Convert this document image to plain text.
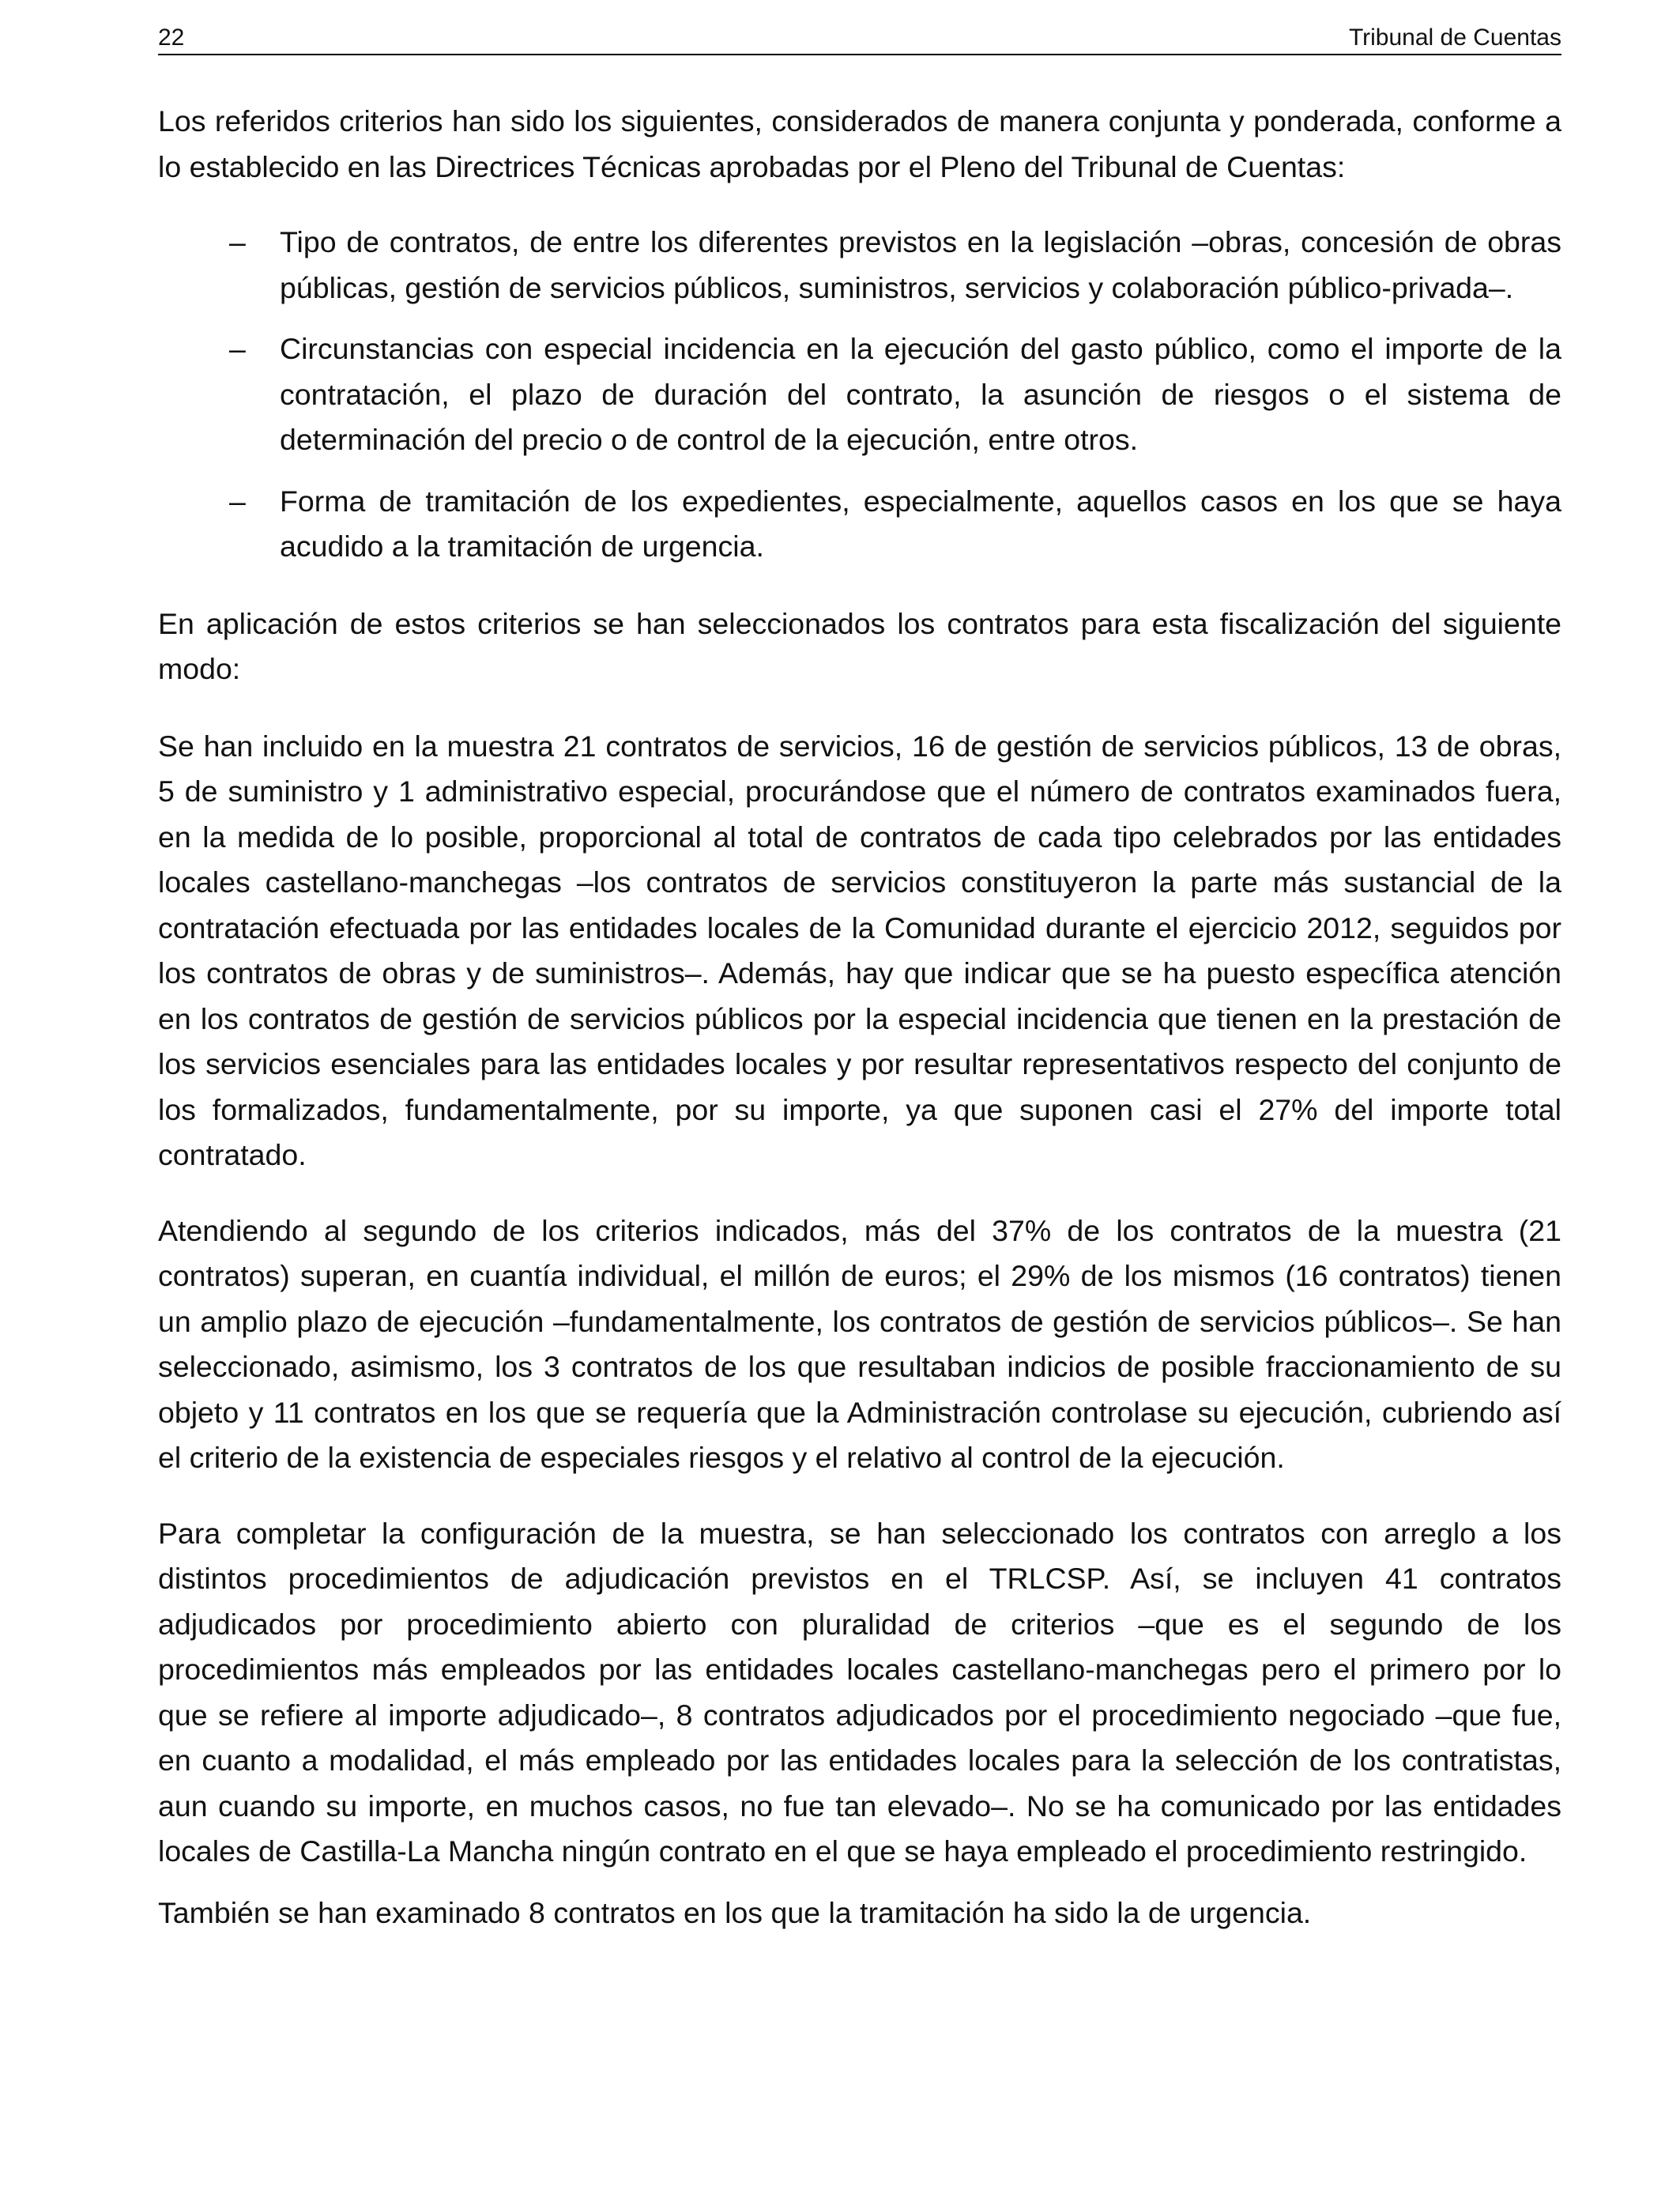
22	Tribunal de Cuentas

Los referidos criterios han sido los siguientes, considerados de manera conjunta y ponderada, conforme a lo establecido en las Directrices Técnicas aprobadas por el Pleno del Tribunal de Cuentas:

– Tipo de contratos, de entre los diferentes previstos en la legislación –obras, concesión de obras públicas, gestión de servicios públicos, suministros, servicios y colaboración público-privada–.
– Circunstancias con especial incidencia en la ejecución del gasto público, como el importe de la contratación, el plazo de duración del contrato, la asunción de riesgos o el sistema de determinación del precio o de control de la ejecución, entre otros.
– Forma de tramitación de los expedientes, especialmente, aquellos casos en los que se haya acudido a la tramitación de urgencia.

En aplicación de estos criterios se han seleccionados los contratos para esta fiscalización del siguiente modo:

Se han incluido en la muestra 21 contratos de servicios, 16 de gestión de servicios públicos, 13 de obras, 5 de suministro y 1 administrativo especial, procurándose que el número de contratos examinados fuera, en la medida de lo posible, proporcional al total de contratos de cada tipo celebrados por las entidades locales castellano-manchegas –los contratos de servicios constituyeron la parte más sustancial de la contratación efectuada por las entidades locales de la Comunidad durante el ejercicio 2012, seguidos por los contratos de obras y de suministros–. Además, hay que indicar que se ha puesto específica atención en los contratos de gestión de servicios públicos por la especial incidencia que tienen en la prestación de los servicios esenciales para las entidades locales y por resultar representativos respecto del conjunto de los formalizados, fundamentalmente, por su importe, ya que suponen casi el 27% del importe total contratado.

Atendiendo al segundo de los criterios indicados, más del 37% de los contratos de la muestra (21 contratos) superan, en cuantía individual, el millón de euros; el 29% de los mismos (16 contratos) tienen un amplio plazo de ejecución –fundamentalmente, los contratos de gestión de servicios públicos–. Se han seleccionado, asimismo, los 3 contratos de los que resultaban indicios de posible fraccionamiento de su objeto y 11 contratos en los que se requería que la Administración controlase su ejecución, cubriendo así el criterio de la existencia de especiales riesgos y el relativo al control de la ejecución.

Para completar la configuración de la muestra, se han seleccionado los contratos con arreglo a los distintos procedimientos de adjudicación previstos en el TRLCSP. Así, se incluyen 41 contratos adjudicados por procedimiento abierto con pluralidad de criterios –que es el segundo de los procedimientos más empleados por las entidades locales castellano-manchegas pero el primero por lo que se refiere al importe adjudicado–, 8 contratos adjudicados por el procedimiento negociado –que fue, en cuanto a modalidad, el más empleado por las entidades locales para la selección de los contratistas, aun cuando su importe, en muchos casos, no fue tan elevado–. No se ha comunicado por las entidades locales de Castilla-La Mancha ningún contrato en el que se haya empleado el procedimiento restringido.

También se han examinado 8 contratos en los que la tramitación ha sido la de urgencia.
